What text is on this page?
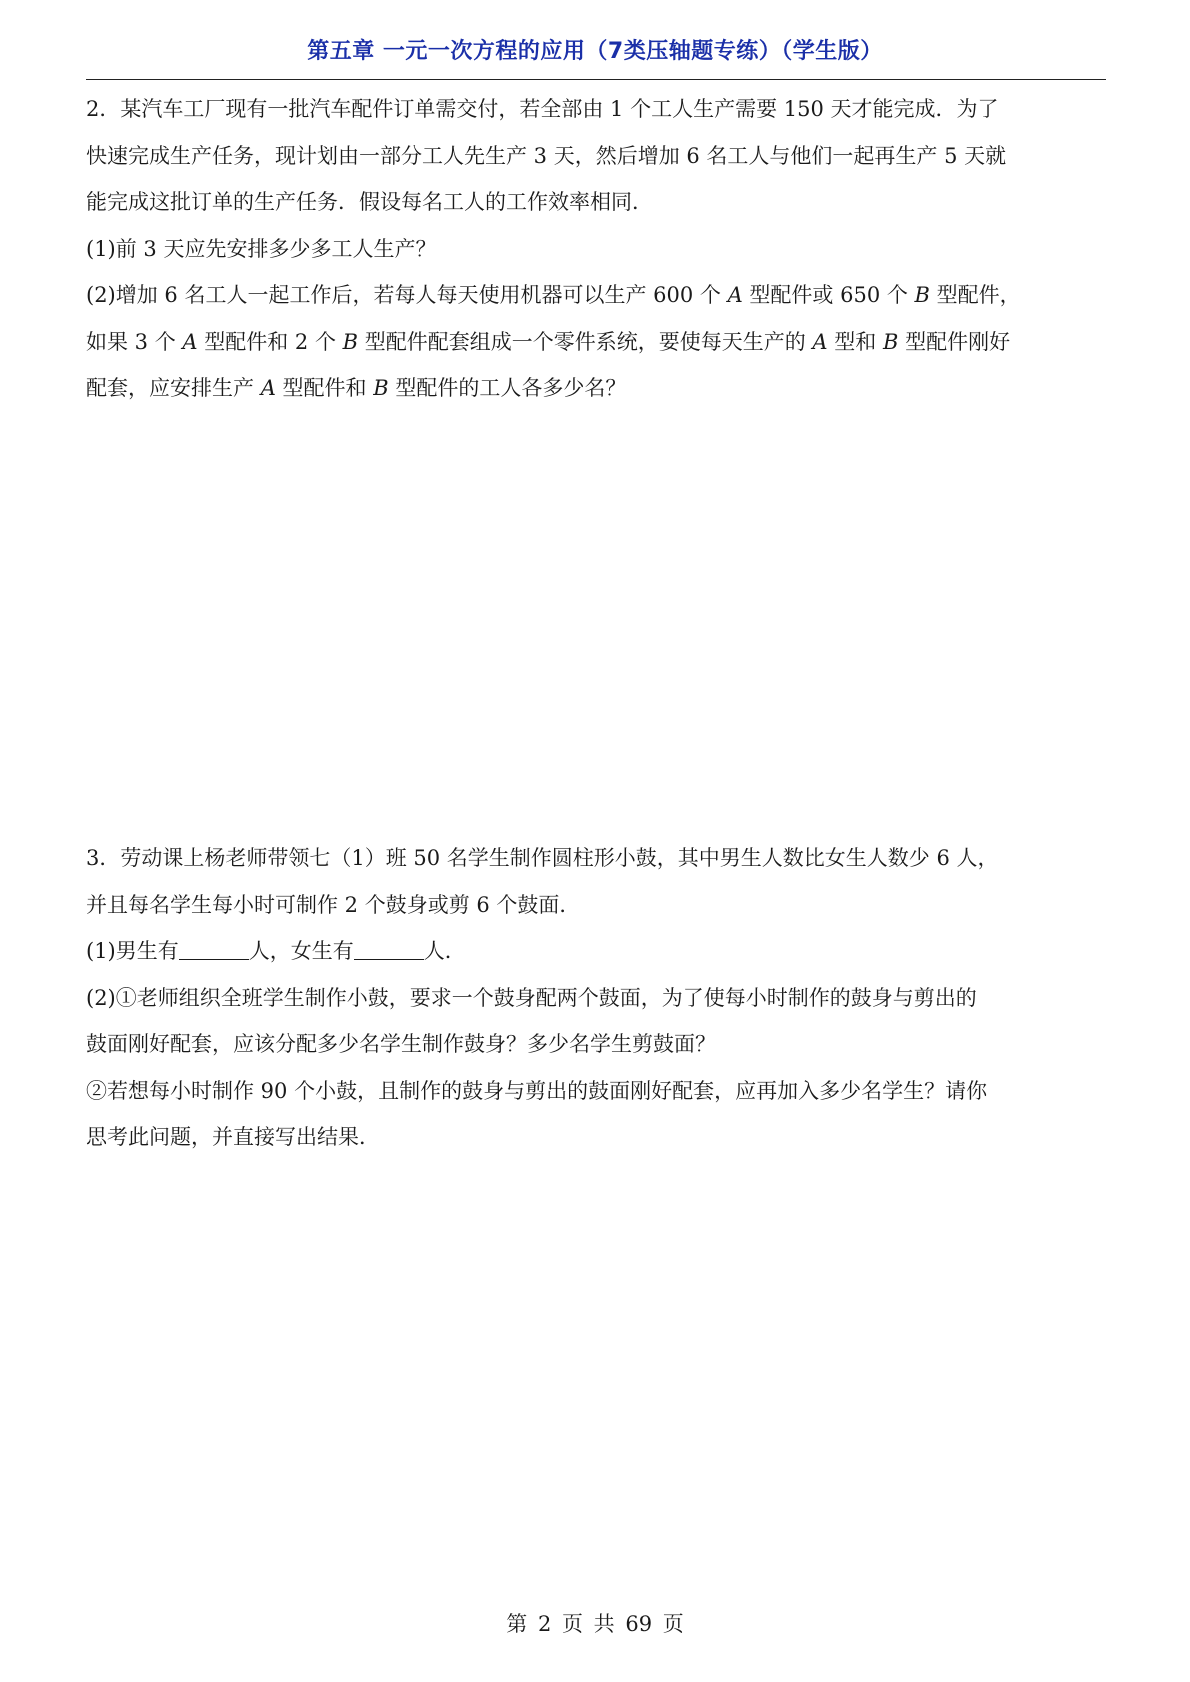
第五章 一元一次方程的应用（7类压轴题专练）（学生版）

2．某汽车工厂现有一批汽车配件订单需交付，若全部由 1 个工人生产需要 150 天才能完成．为了

快速完成生产任务，现计划由一部分工人先生产 3 天，然后增加 6 名工人与他们一起再生产 5 天就

能完成这批订单的生产任务．假设每名工人的工作效率相同．

(1)前 3 天应先安排多少多工人生产？

(2)增加 6 名工人一起工作后，若每人每天使用机器可以生产 600 个 A 型配件或 650 个 B 型配件，

如果 3 个 A 型配件和 2 个 B 型配件配套组成一个零件系统，要使每天生产的 A 型和 B 型配件刚好

配套，应安排生产 A 型配件和 B 型配件的工人各多少名？

3．劳动课上杨老师带领七（1）班 50 名学生制作圆柱形小鼓，其中男生人数比女生人数少 6 人，

并且每名学生每小时可制作 2 个鼓身或剪 6 个鼓面．

(1)男生有	人，女生有	人．

(2)①老师组织全班学生制作小鼓，要求一个鼓身配两个鼓面，为了使每小时制作的鼓身与剪出的

鼓面刚好配套，应该分配多少名学生制作鼓身？多少名学生剪鼓面？

②若想每小时制作 90 个小鼓，且制作的鼓身与剪出的鼓面刚好配套，应再加入多少名学生？请你

思考此问题，并直接写出结果．

第 2 页 共 69 页
